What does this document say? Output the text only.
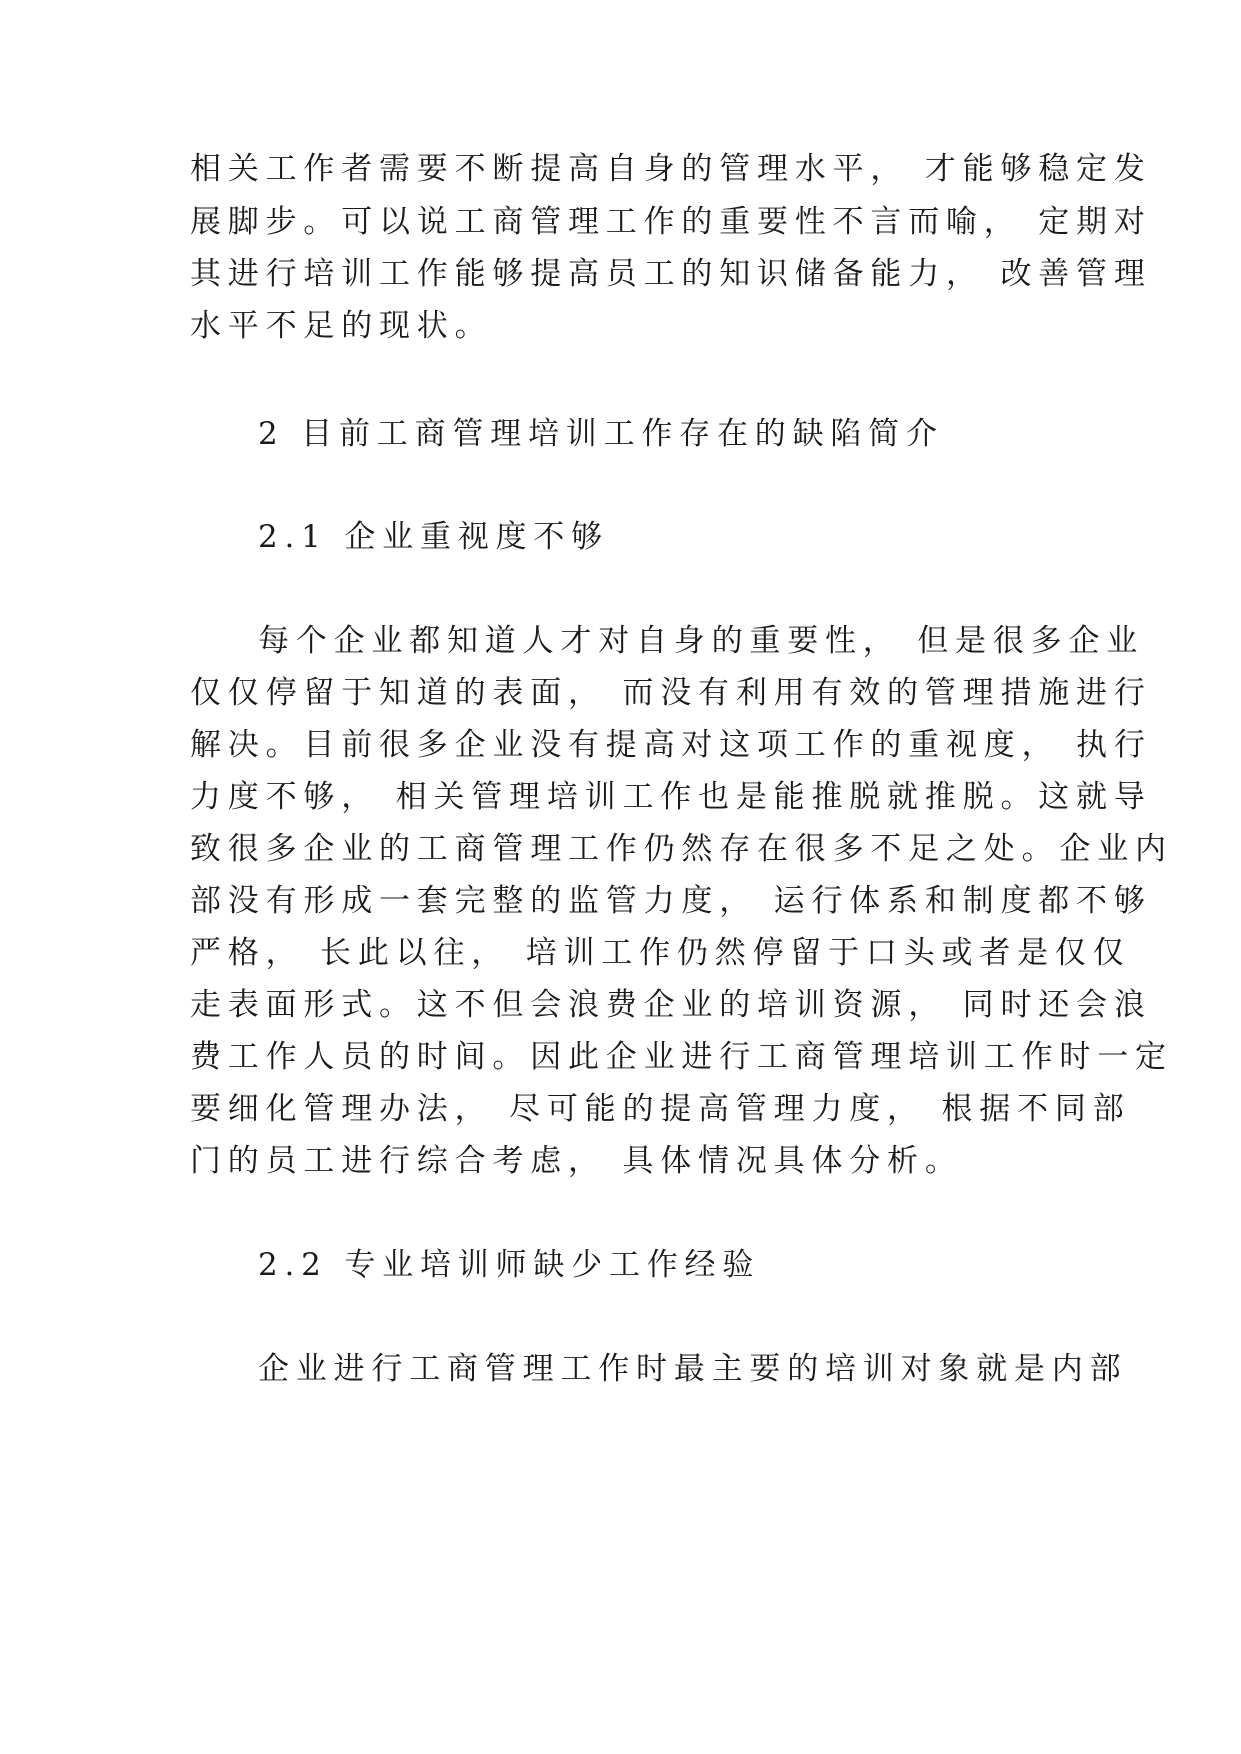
相关工作者需要不断提高自身的管理水平， 才能够稳定发
展脚步。可以说工商管理工作的重要性不言而喻， 定期对
其进行培训工作能够提高员工的知识储备能力， 改善管理
水平不足的现状。
2 目前工商管理培训工作存在的缺陷简介
2.1 企业重视度不够
每个企业都知道人才对自身的重要性， 但是很多企业
仅仅停留于知道的表面， 而没有利用有效的管理措施进行
解决。目前很多企业没有提高对这项工作的重视度， 执行
力度不够， 相关管理培训工作也是能推脱就推脱。这就导
致很多企业的工商管理工作仍然存在很多不足之处。企业内
部没有形成一套完整的监管力度， 运行体系和制度都不够
严格， 长此以往， 培训工作仍然停留于口头或者是仅仅
走表面形式。这不但会浪费企业的培训资源， 同时还会浪
费工作人员的时间。因此企业进行工商管理培训工作时一定
要细化管理办法， 尽可能的提高管理力度， 根据不同部
门的员工进行综合考虑， 具体情况具体分析。
2.2 专业培训师缺少工作经验
企业进行工商管理工作时最主要的培训对象就是内部
